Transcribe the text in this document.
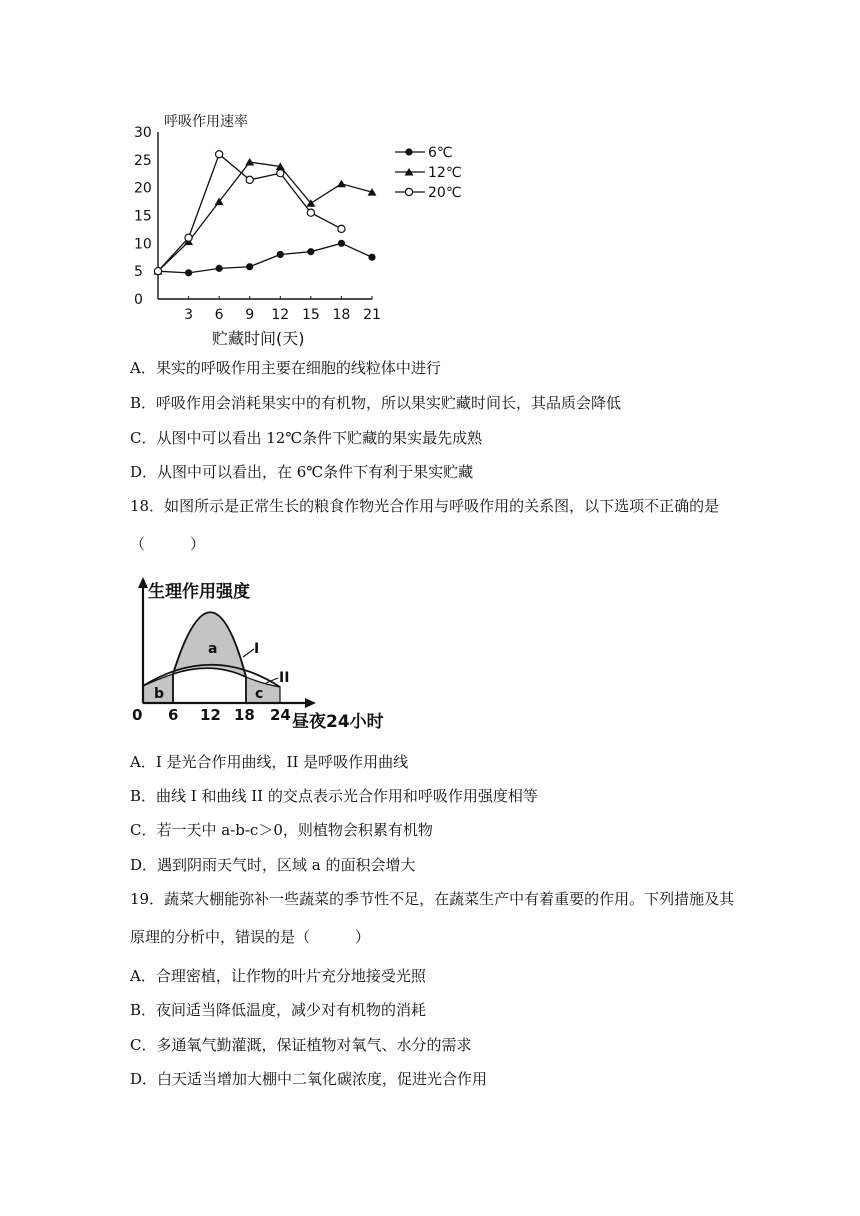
呼吸作用速率
贮藏时间(天)
30
25
20
15
10
5
0
3 6 9 12 15 18 21
6℃
12℃
20℃
A．果实的呼吸作用主要在细胞的线粒体中进行
B．呼吸作用会消耗果实中的有机物，所以果实贮藏时间长，其品质会降低
C．从图中可以看出 12℃条件下贮藏的果实最先成熟
D．从图中可以看出，在 6℃条件下有利于果实贮藏
18．如图所示是正常生长的粮食作物光合作用与呼吸作用的关系图，以下选项不正确的是
（　　　）
生理作用强度
昼夜24小时
a
b	c
I
II
0 6 12 18 24
A．I 是光合作用曲线，II 是呼吸作用曲线
B．曲线 I 和曲线 II 的交点表示光合作用和呼吸作用强度相等
C．若一天中 a-b-c＞0，则植物会积累有机物
D．遇到阴雨天气时，区域 a 的面积会增大
19．蔬菜大棚能弥补一些蔬菜的季节性不足，在蔬菜生产中有着重要的作用。下列措施及其
原理的分析中，错误的是（　　　）
A．合理密植，让作物的叶片充分地接受光照
B．夜间适当降低温度，减少对有机物的消耗
C．多通氧气勤灌溉，保证植物对氧气、水分的需求
D．白天适当增加大棚中二氧化碳浓度，促进光合作用
